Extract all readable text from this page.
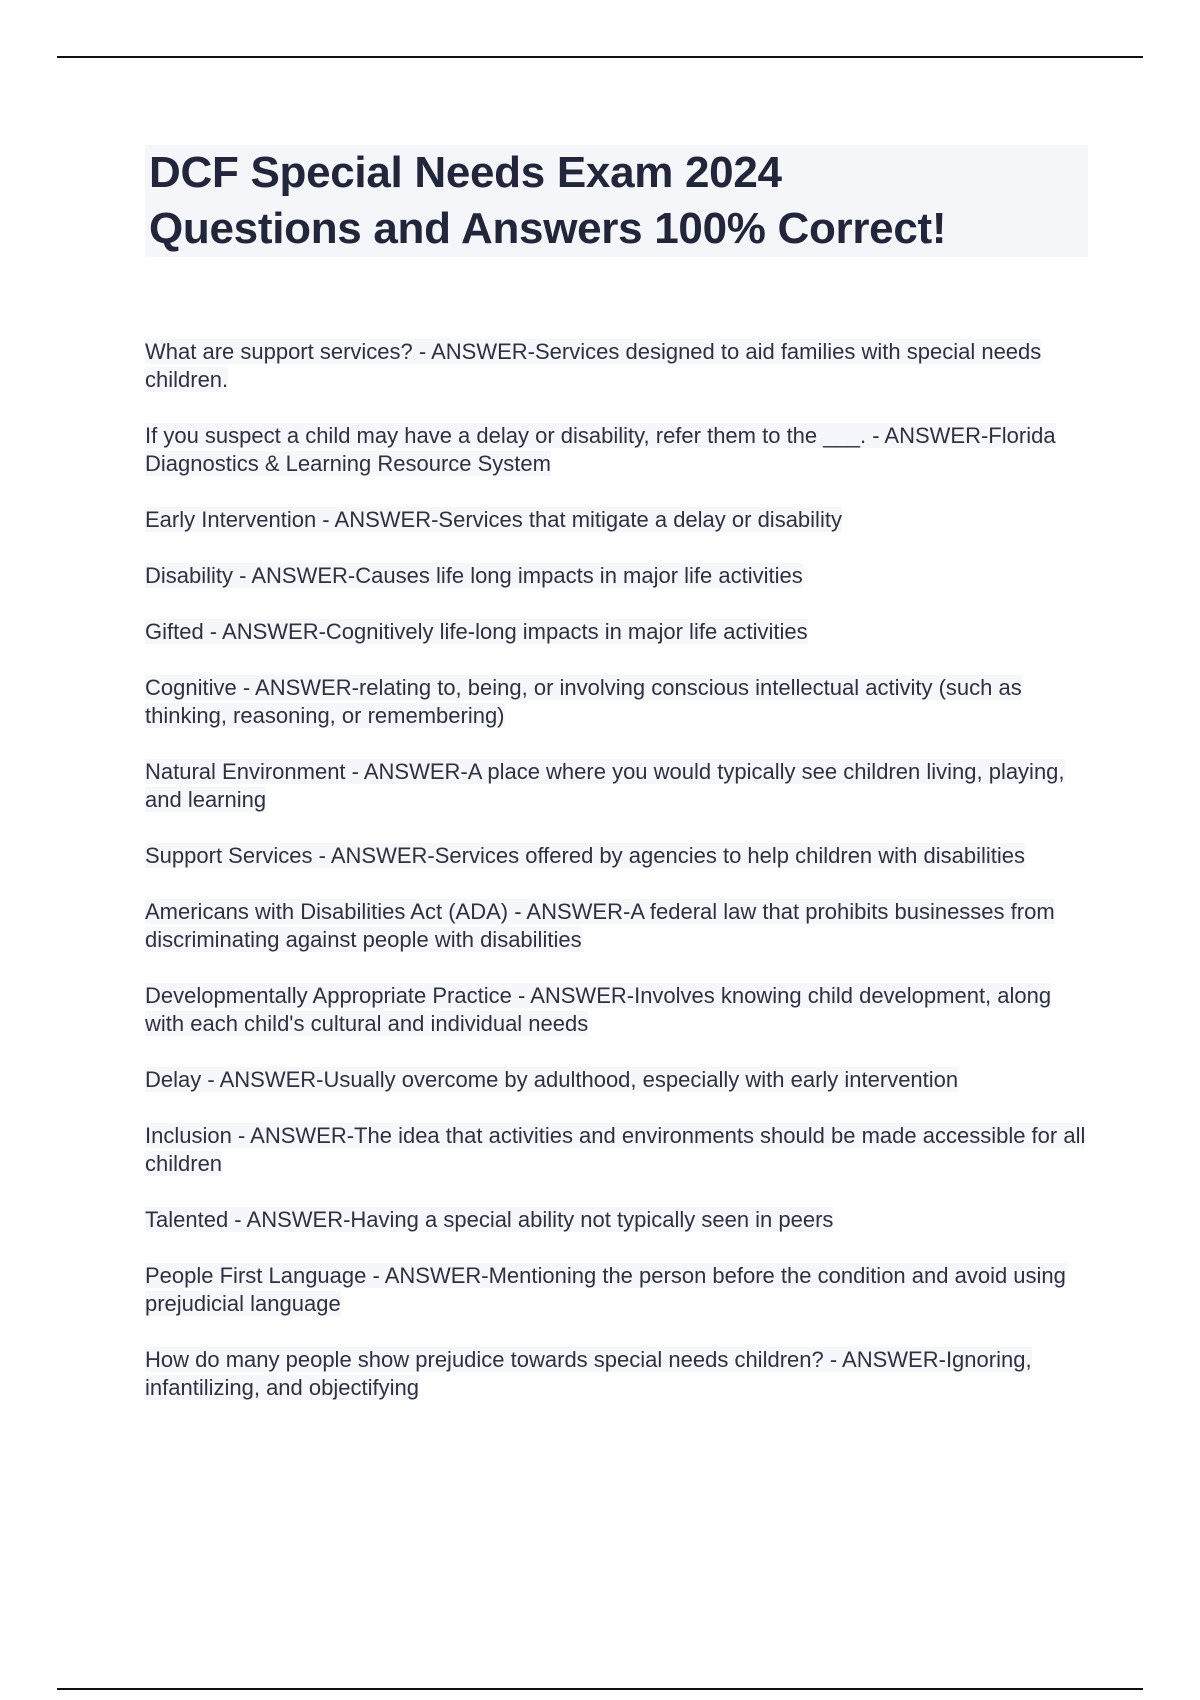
DCF Special Needs Exam 2024
Questions and Answers 100% Correct!
What are support services? - ANSWER-Services designed to aid families with special needs children.
If you suspect a child may have a delay or disability, refer them to the ___. - ANSWER-Florida Diagnostics & Learning Resource System
Early Intervention - ANSWER-Services that mitigate a delay or disability
Disability - ANSWER-Causes life long impacts in major life activities
Gifted - ANSWER-Cognitively life-long impacts in major life activities
Cognitive - ANSWER-relating to, being, or involving conscious intellectual activity (such as thinking, reasoning, or remembering)
Natural Environment - ANSWER-A place where you would typically see children living, playing, and learning
Support Services - ANSWER-Services offered by agencies to help children with disabilities
Americans with Disabilities Act (ADA) - ANSWER-A federal law that prohibits businesses from discriminating against people with disabilities
Developmentally Appropriate Practice - ANSWER-Involves knowing child development, along with each child's cultural and individual needs
Delay - ANSWER-Usually overcome by adulthood, especially with early intervention
Inclusion - ANSWER-The idea that activities and environments should be made accessible for all children
Talented - ANSWER-Having a special ability not typically seen in peers
People First Language - ANSWER-Mentioning the person before the condition and avoid using prejudicial language
How do many people show prejudice towards special needs children? - ANSWER-Ignoring, infantilizing, and objectifying
